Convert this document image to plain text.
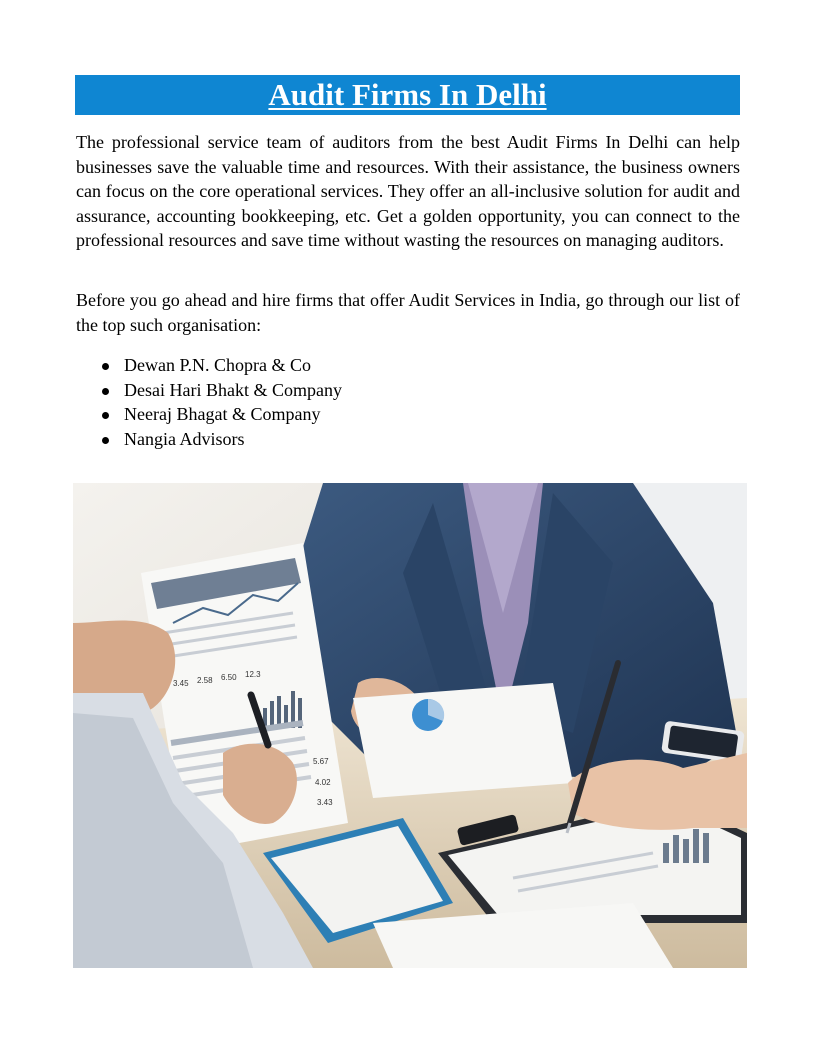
Audit Firms In Delhi

The professional service team of auditors from the best Audit Firms In Delhi can help businesses save the valuable time and resources. With their assistance, the business owners can focus on the core operational services. They offer an all-inclusive solution for audit and assurance, accounting bookkeeping, etc. Get a golden opportunity, you can connect to the professional resources and save time without wasting the resources on managing auditors.

Before you go ahead and hire firms that offer Audit Services in India, go through our list of the top such organisation:

Dewan P.N. Chopra & Co
Desai Hari Bhakt & Company
Neeraj Bhagat & Company
Nangia Advisors
3.45 2.58 6.50 12.3
5.67
4.02
3.43
